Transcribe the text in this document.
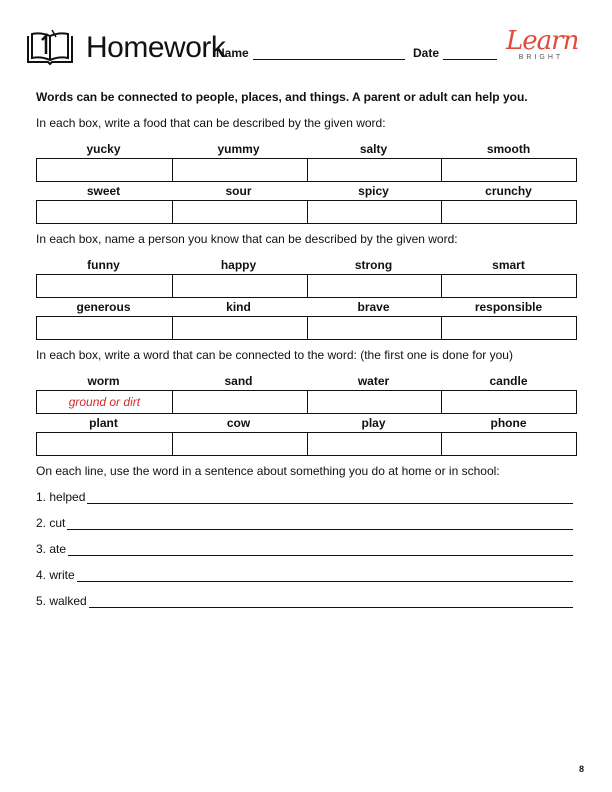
Homework
Name	Date	Learn
BRIGHT
Words can be connected to people, places, and things. A parent or adult can help you.
In each box, write a food that can be described by the given word:
yucky	yummy	salty	smooth
sweet	sour	spicy	crunchy
In each box, name a person you know that can be described by the given word:
funny	happy	strong	smart
generous	kind	brave	responsible
In each box, write a word that can be connected to the word: (the first one is done for you)
worm	sand	water	candle
ground or dirt
plant	cow	play	phone
On each line, use the word in a sentence about something you do at home or in school:
1. helped
2. cut
3. ate
4. write
5. walked
8
